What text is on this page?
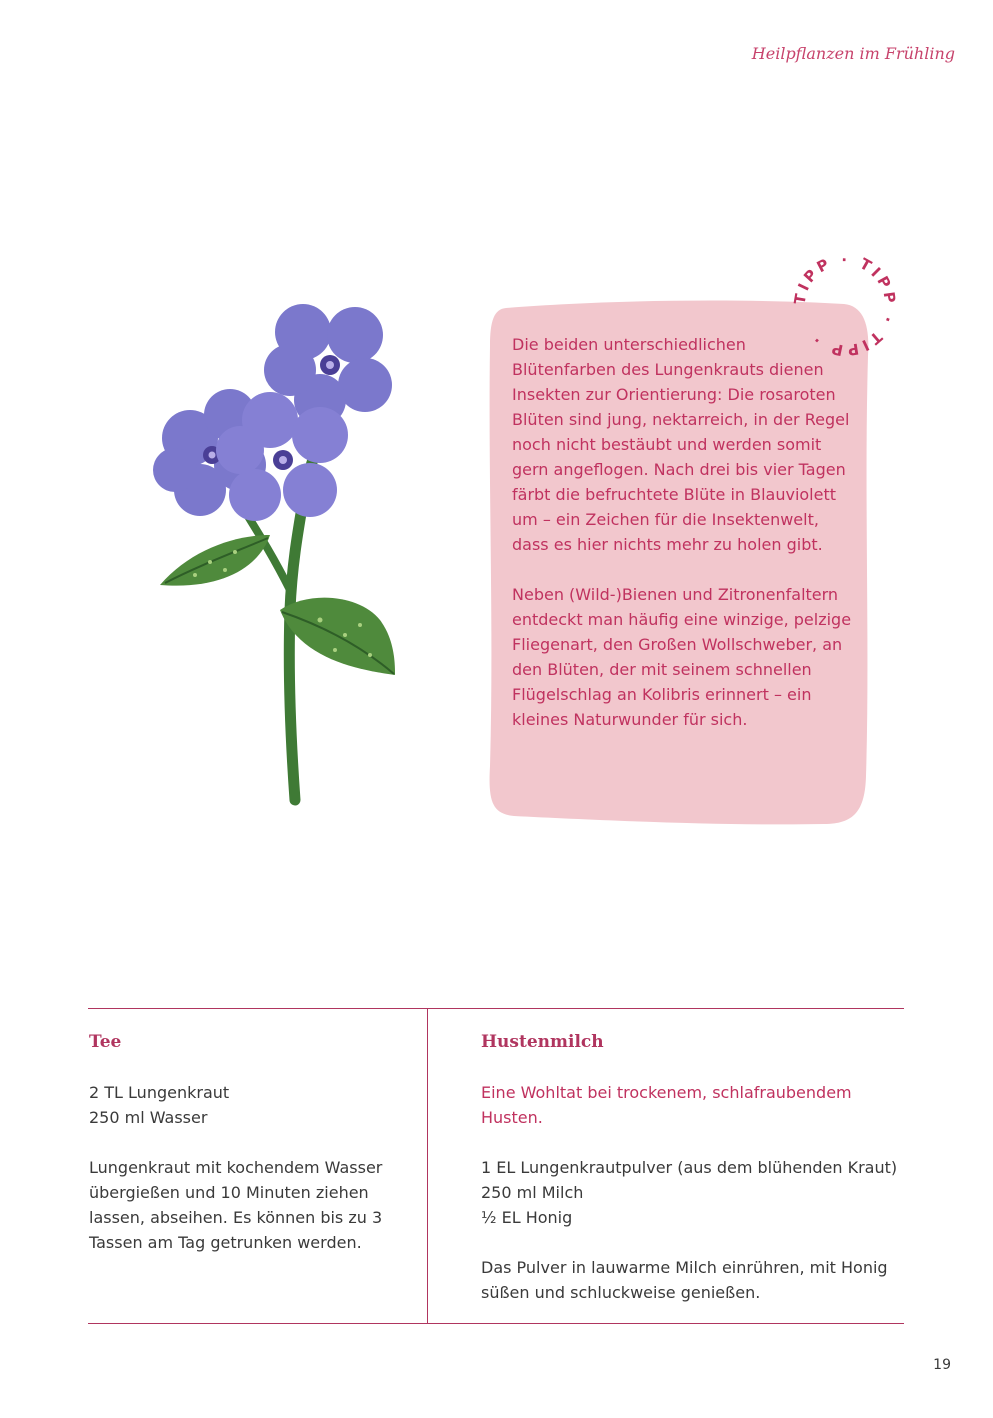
Heilpflanzen im Frühling
TIPP · TIPP · TIPP ·

Die beiden unterschiedlichen Blütenfarben des Lungenkrauts dienen Insekten zur Orientierung: Die rosaroten Blüten sind jung, nektarreich, in der Regel noch nicht bestäubt und werden somit gern angeflogen. Nach drei bis vier Tagen färbt die befruchtete Blüte in Blauviolett um – ein Zeichen für die Insektenwelt, dass es hier nichts mehr zu holen gibt.

Neben (Wild-)Bienen und Zitronenfaltern entdeckt man häufig eine winzige, pelzige Fliegenart, den Großen Wollschweber, an den Blüten, der mit seinem schnellen Flügelschlag an Kolibris erinnert – ein kleines Naturwunder für sich.

Tee

2 TL Lungenkraut
250 ml Wasser

Lungenkraut mit kochendem Wasser übergießen und 10 Minuten ziehen lassen, abseihen. Es können bis zu 3 Tassen am Tag getrunken werden.

Hustenmilch

Eine Wohltat bei trockenem, schlafraubendem Husten.

1 EL Lungenkrautpulver (aus dem blühenden Kraut)
250 ml Milch
½ EL Honig

Das Pulver in lauwarme Milch einrühren, mit Honig süßen und schluckweise genießen.

19
